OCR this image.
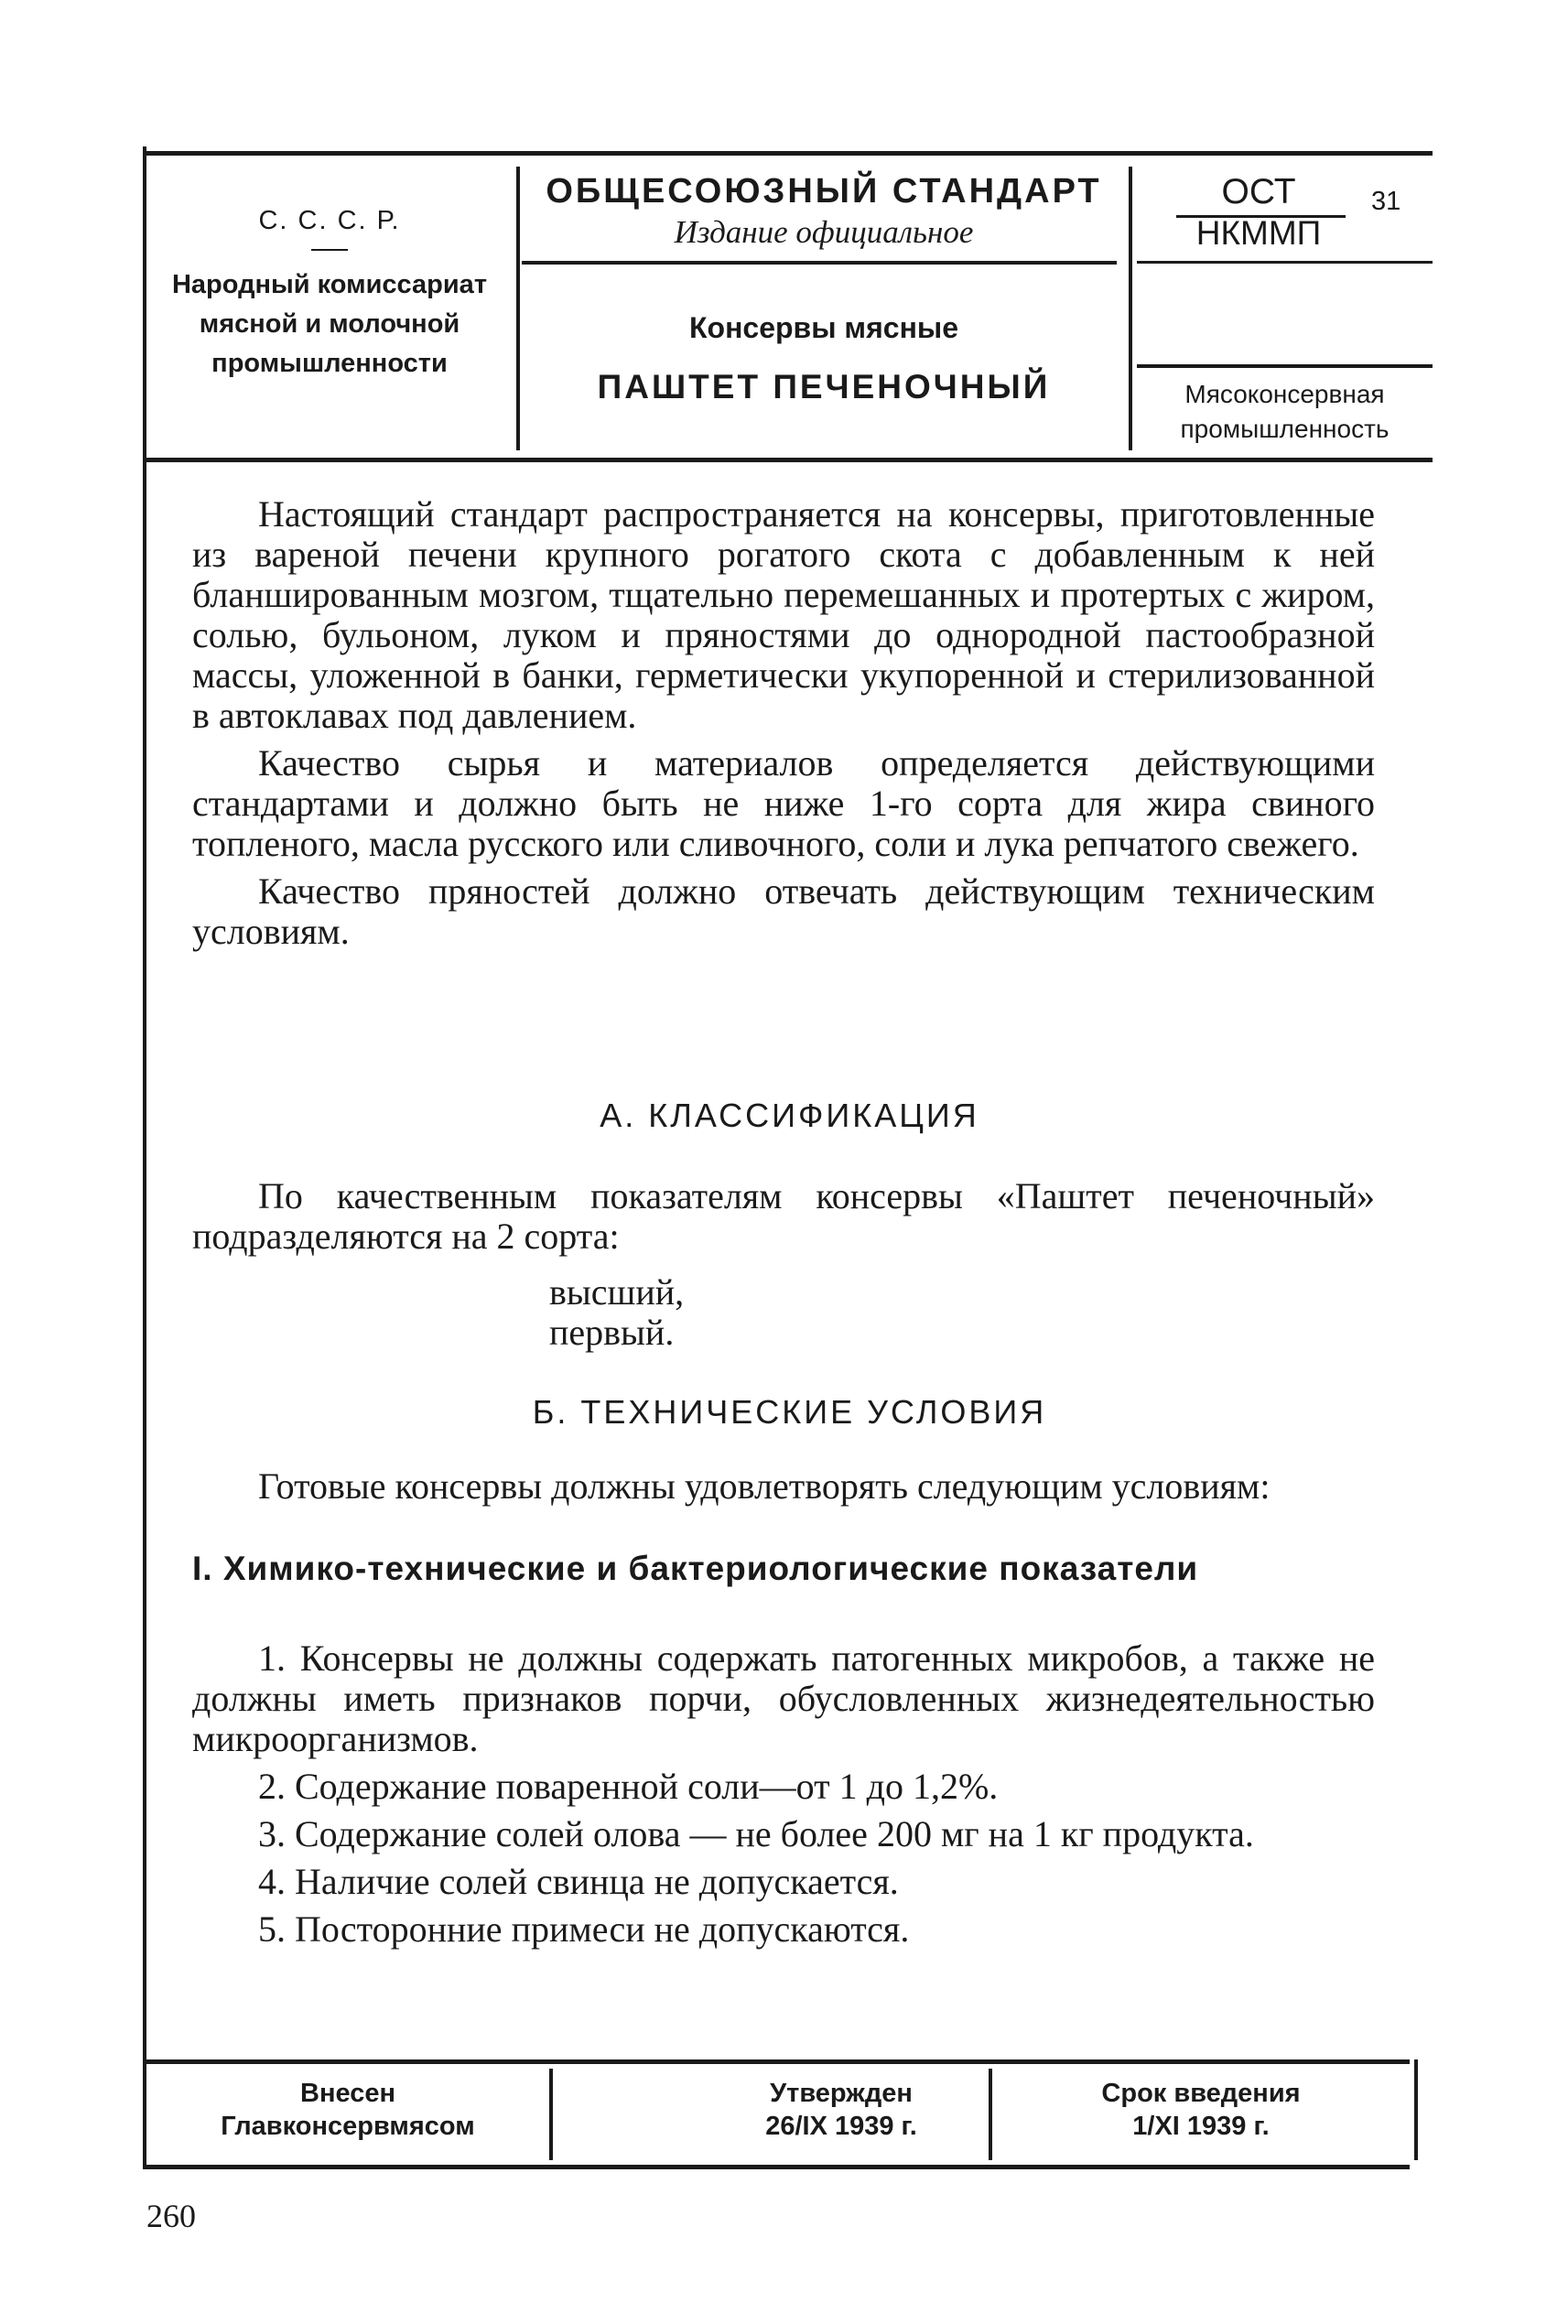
С. С. С. Р.
Народный комиссариат мясной и молочной промышленности
ОБЩЕСОЮЗНЫЙ СТАНДАРТ
Издание официальное
Консервы мясные
ПАШТЕТ ПЕЧЕНОЧНЫЙ
ОСТ
НКММП
31
Мясоконсервная промышленность

Настоящий стандарт распространяется на консервы, приготовленные из вареной печени крупного рогатого скота с добавленным к ней бланшированным мозгом, тщательно перемешанных и протертых с жиром, солью, бульоном, луком и пряностями до однородной пастообразной массы, уложенной в банки, герметически укупоренной и стерилизованной в автоклавах под давлением.

Качество сырья и материалов определяется действующими стандартами и должно быть не ниже 1-го сорта для жира свиного топленого, масла русского или сливочного, соли и лука репчатого свежего.

Качество пряностей должно отвечать действующим техническим условиям.

А. КЛАССИФИКАЦИЯ

По качественным показателям консервы «Паштет печеночный» подразделяются на 2 сорта:

высший,
первый.
Б. ТЕХНИЧЕСКИЕ УСЛОВИЯ

Готовые консервы должны удовлетворять следующим условиям:

I. Химико-технические и бактериологические показатели

1. Консервы не должны содержать патогенных микробов, а также не должны иметь признаков порчи, обусловленных жизнедеятельностью микроорганизмов.

2. Содержание поваренной соли—от 1 до 1,2%.

3. Содержание солей олова — не более 200 мг на 1 кг продукта.

4. Наличие солей свинца не допускается.

5. Посторонние примеси не допускаются.

Внесен
Главконсервмясом
Утвержден
26/IX 1939 г.
Срок введения
1/XI 1939 г.
260
